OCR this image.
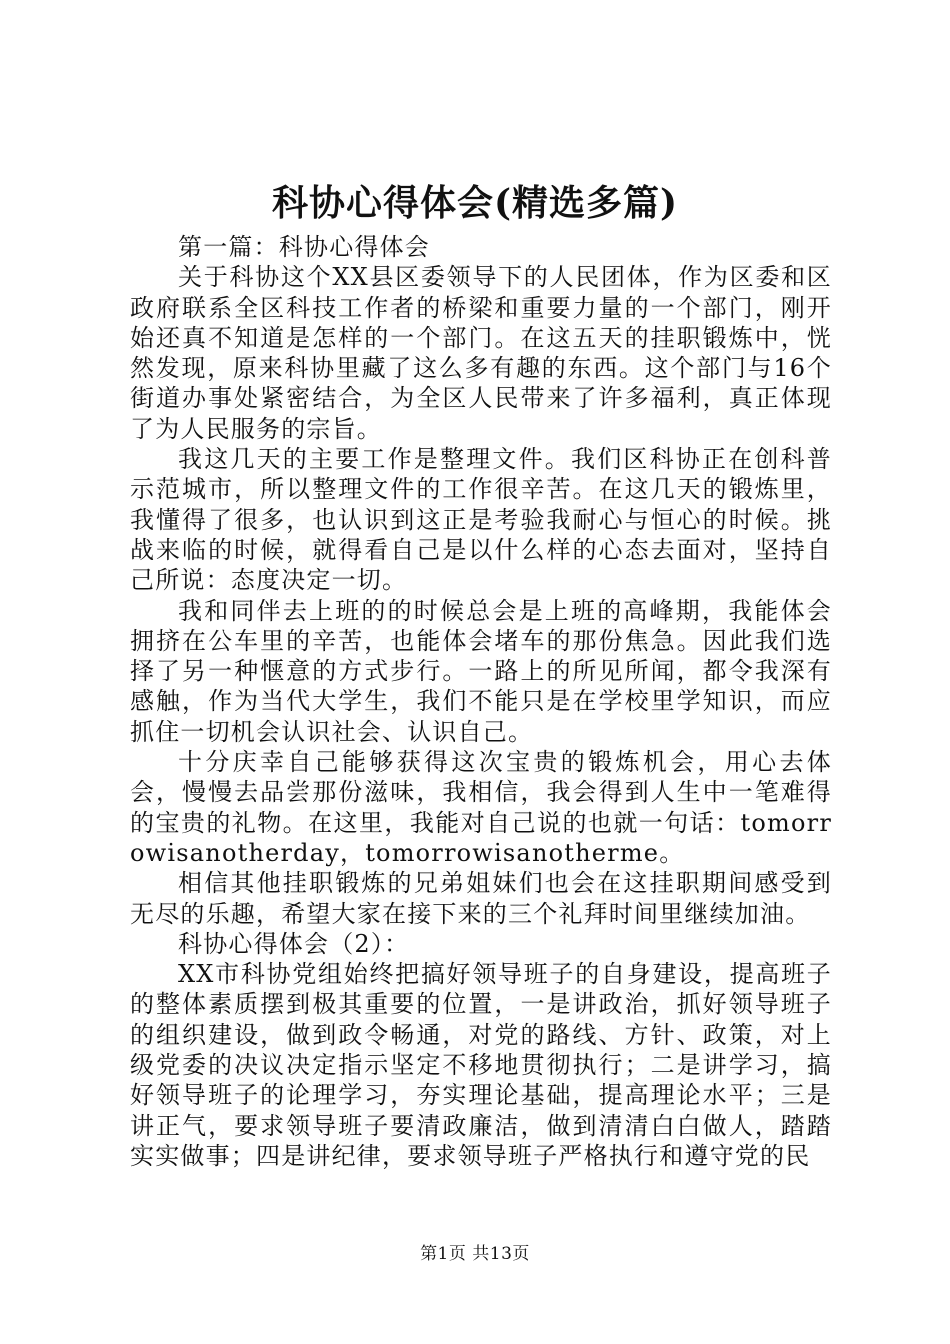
科协心得体会(精选多篇)

第一篇：科协心得体会

关于科协这个XX县区委领导下的人民团体，作为区委和区政府联系全区科技工作者的桥梁和重要力量的一个部门，刚开始还真不知道是怎样的一个部门。在这五天的挂职锻炼中，恍然发现，原来科协里藏了这么多有趣的东西。这个部门与16个街道办事处紧密结合，为全区人民带来了许多福利，真正体现了为人民服务的宗旨。

我这几天的主要工作是整理文件。我们区科协正在创科普示范城市，所以整理文件的工作很辛苦。在这几天的锻炼里，我懂得了很多，也认识到这正是考验我耐心与恒心的时候。挑战来临的时候，就得看自己是以什么样的心态去面对，坚持自己所说：态度决定一切。

我和同伴去上班的的时候总会是上班的高峰期，我能体会拥挤在公车里的辛苦，也能体会堵车的那份焦急。因此我们选择了另一种惬意的方式步行。一路上的所见所闻，都令我深有感触，作为当代大学生，我们不能只是在学校里学知识，而应抓住一切机会认识社会、认识自己。

十分庆幸自己能够获得这次宝贵的锻炼机会，用心去体会，慢慢去品尝那份滋味，我相信，我会得到人生中一笔难得的宝贵的礼物。在这里，我能对自己说的也就一句话：tomorrowisanotherday，tomorrowisanotherme。

相信其他挂职锻炼的兄弟姐妹们也会在这挂职期间感受到无尽的乐趣，希望大家在接下来的三个礼拜时间里继续加油。

科协心得体会（2）：

XX市科协党组始终把搞好领导班子的自身建设，提高班子的整体素质摆到极其重要的位置，一是讲政治，抓好领导班子的组织建设，做到政令畅通，对党的路线、方针、政策，对上级党委的决议决定指示坚定不移地贯彻执行；二是讲学习，搞好领导班子的论理学习，夯实理论基础，提高理论水平；三是讲正气，要求领导班子要清政廉洁，做到清清白白做人，踏踏实实做事；四是讲纪律，要求领导班子严格执行和遵守党的民

第1页 共13页
